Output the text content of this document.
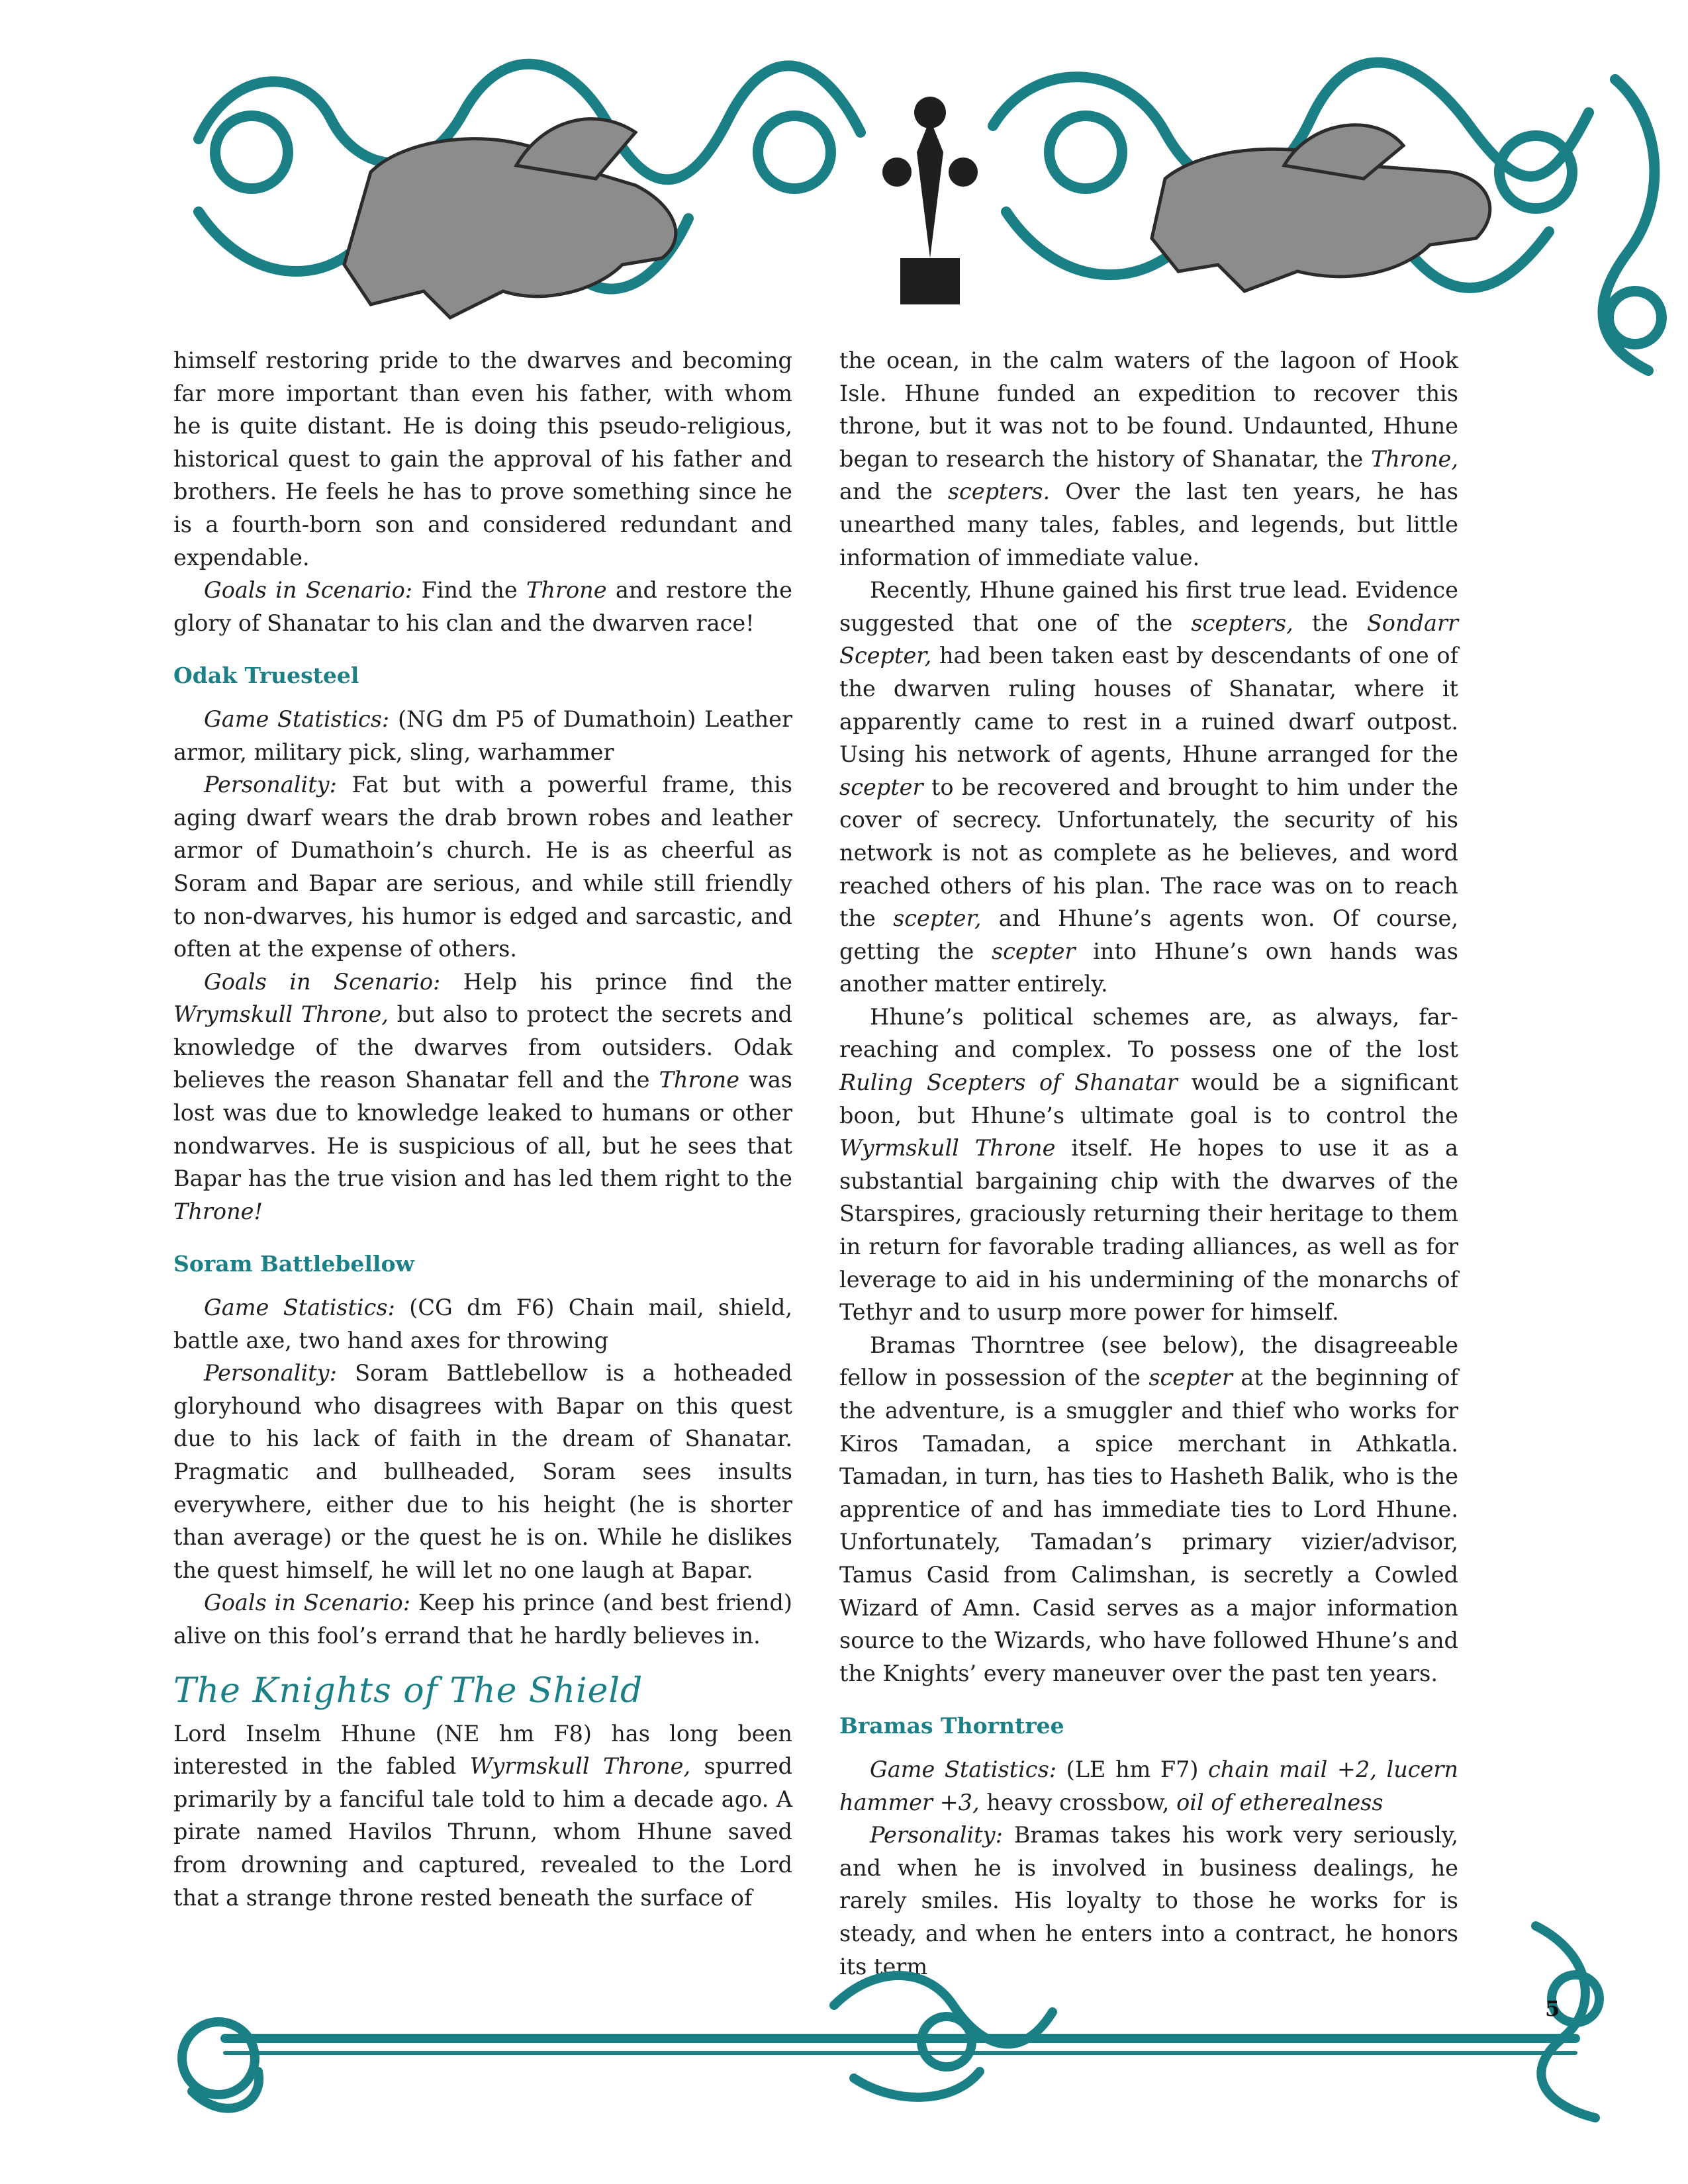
himself restoring pride to the dwarves and becoming far more important than even his father, with whom he is quite distant. He is doing this pseudo-religious, historical quest to gain the approval of his father and brothers. He feels he has to prove something since he is a fourth-born son and considered redundant and expendable.

Goals in Scenario: Find the Throne and restore the glory of Shanatar to his clan and the dwarven race!

Odak Truesteel

Game Statistics: (NG dm P5 of Dumathoin) Leather armor, military pick, sling, warhammer

Personality: Fat but with a powerful frame, this aging dwarf wears the drab brown robes and leather armor of Dumathoin’s church. He is as cheerful as Soram and Bapar are serious, and while still friendly to non-dwarves, his humor is edged and sarcastic, and often at the expense of others.

Goals in Scenario: Help his prince find the Wrymskull Throne, but also to protect the secrets and knowledge of the dwarves from outsiders. Odak believes the reason Shanatar fell and the Throne was lost was due to knowledge leaked to humans or other nondwarves. He is suspicious of all, but he sees that Bapar has the true vision and has led them right to the Throne!

Soram Battlebellow

Game Statistics: (CG dm F6) Chain mail, shield, battle axe, two hand axes for throwing

Personality: Soram Battlebellow is a hotheaded gloryhound who disagrees with Bapar on this quest due to his lack of faith in the dream of Shanatar. Pragmatic and bullheaded, Soram sees insults everywhere, either due to his height (he is shorter than average) or the quest he is on. While he dislikes the quest himself, he will let no one laugh at Bapar.

Goals in Scenario: Keep his prince (and best friend) alive on this fool’s errand that he hardly believes in.

The Knights of The Shield

Lord Inselm Hhune (NE hm F8) has long been interested in the fabled Wyrmskull Throne, spurred primarily by a fanciful tale told to him a decade ago. A pirate named Havilos Thrunn, whom Hhune saved from drowning and captured, revealed to the Lord that a strange throne rested beneath the surface of

the ocean, in the calm waters of the lagoon of Hook Isle. Hhune funded an expedition to recover this throne, but it was not to be found. Undaunted, Hhune began to research the history of Shanatar, the Throne, and the scepters. Over the last ten years, he has unearthed many tales, fables, and legends, but little information of immediate value.

Recently, Hhune gained his first true lead. Evidence suggested that one of the scepters, the Sondarr Scepter, had been taken east by descendants of one of the dwarven ruling houses of Shanatar, where it apparently came to rest in a ruined dwarf outpost. Using his network of agents, Hhune arranged for the scepter to be recovered and brought to him under the cover of secrecy. Unfortunately, the security of his network is not as complete as he believes, and word reached others of his plan. The race was on to reach the scepter, and Hhune’s agents won. Of course, getting the scepter into Hhune’s own hands was another matter entirely.

Hhune’s political schemes are, as always, far-reaching and complex. To possess one of the lost Ruling Scepters of Shanatar would be a significant boon, but Hhune’s ultimate goal is to control the Wyrmskull Throne itself. He hopes to use it as a substantial bargaining chip with the dwarves of the Starspires, graciously returning their heritage to them in return for favorable trading alliances, as well as for leverage to aid in his undermining of the monarchs of Tethyr and to usurp more power for himself.

Bramas Thorntree (see below), the disagreeable fellow in possession of the scepter at the beginning of the adventure, is a smuggler and thief who works for Kiros Tamadan, a spice merchant in Athkatla. Tamadan, in turn, has ties to Hasheth Balik, who is the apprentice of and has immediate ties to Lord Hhune. Unfortunately, Tamadan’s primary vizier/advisor, Tamus Casid from Calimshan, is secretly a Cowled Wizard of Amn. Casid serves as a major information source to the Wizards, who have followed Hhune’s and the Knights’ every maneuver over the past ten years.

Bramas Thorntree

Game Statistics: (LE hm F7) chain mail +2, lucern hammer +3, heavy crossbow, oil of etherealness

Personality: Bramas takes his work very seriously, and when he is involved in business dealings, he rarely smiles. His loyalty to those he works for is steady, and when he enters into a contract, he honors its term

5
